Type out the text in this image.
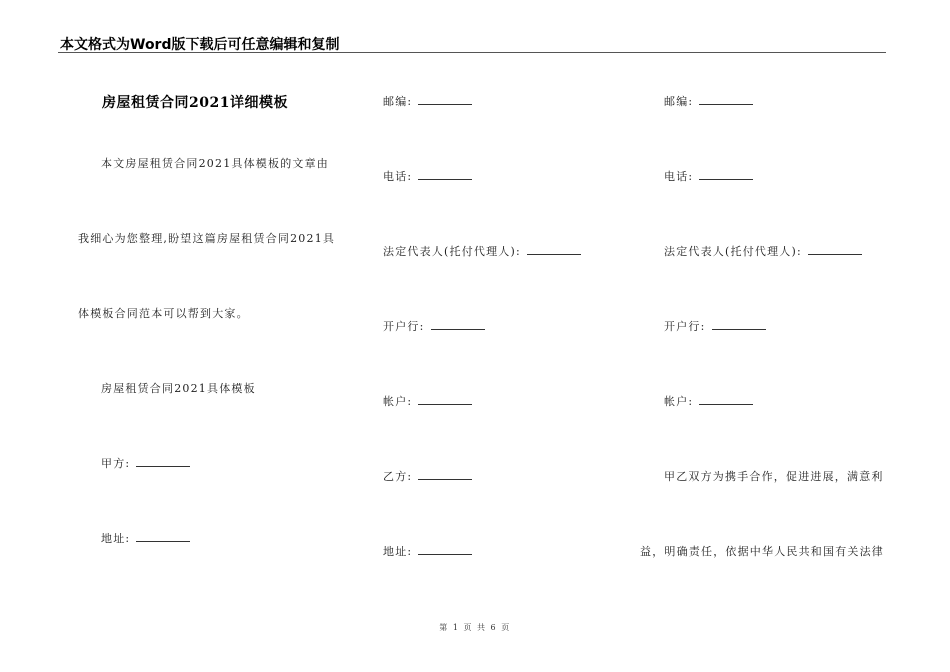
本文格式为Word版下载后可任意编辑和复制
房屋租赁合同2021详细模板
本文房屋租赁合同2021具体模板的文章由
我细心为您整理,盼望这篇房屋租赁合同2021具
体模板合同范本可以帮到大家。
房屋租赁合同2021具体模板
甲方:
地址:
邮编:
电话:
法定代表人(托付代理人):
开户行:
帐户:
乙方:
地址:
邮编:
电话:
法定代表人(托付代理人):
开户行:
帐户:
甲乙双方为携手合作，促进进展，满意利
益，明确责任，依据中华人民共和国有关法律
第 1 页 共 6 页
